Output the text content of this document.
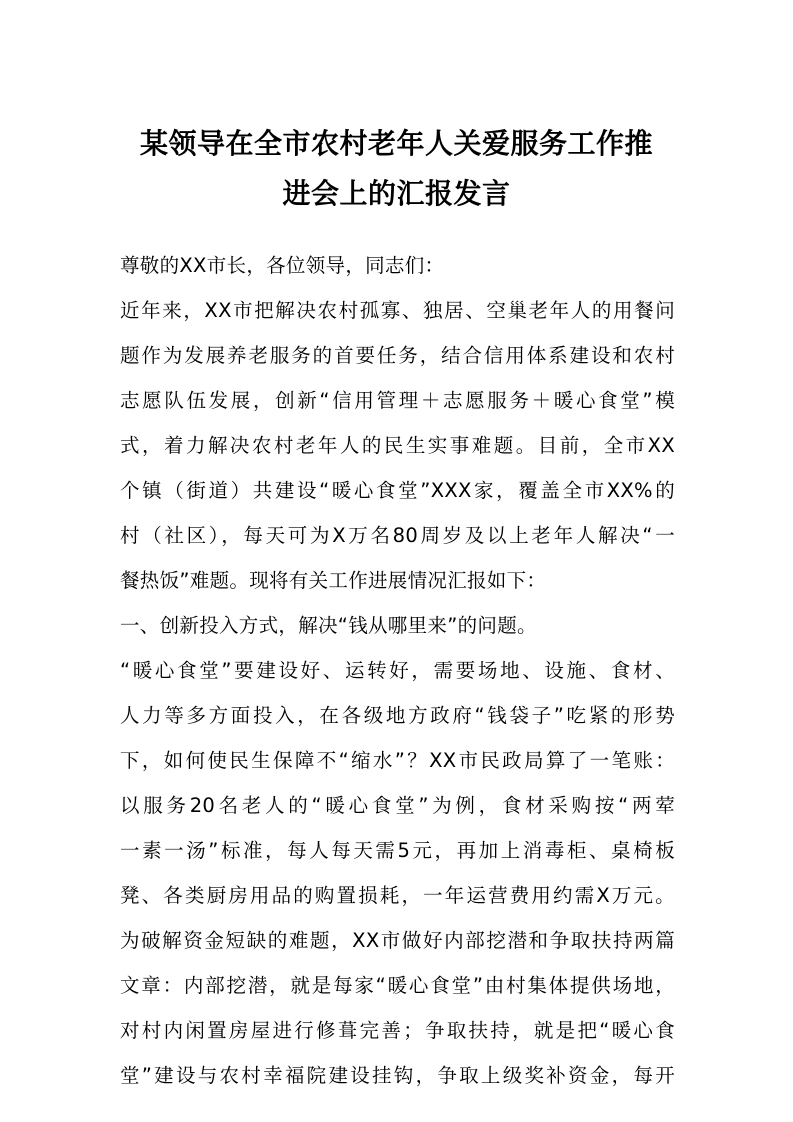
某领导在全市农村老年人关爱服务工作推
进会上的汇报发言
尊敬的XX市长，各位领导，同志们：
近年来，XX市把解决农村孤寡、独居、空巢老年人的用餐问
题作为发展养老服务的首要任务，结合信用体系建设和农村
志愿队伍发展，创新“信用管理＋志愿服务＋暖心食堂”模
式，着力解决农村老年人的民生实事难题。目前，全市XX
个镇（街道）共建设“暖心食堂”XXX家，覆盖全市XX%的
村（社区），每天可为X万名80周岁及以上老年人解决“一
餐热饭”难题。现将有关工作进展情况汇报如下：
一、创新投入方式，解决“钱从哪里来”的问题。
“暖心食堂”要建设好、运转好，需要场地、设施、食材、
人力等多方面投入，在各级地方政府“钱袋子”吃紧的形势
下，如何使民生保障不“缩水”？XX市民政局算了一笔账：
以服务20名老人的“暖心食堂”为例，食材采购按“两荤
一素一汤”标准，每人每天需5元，再加上消毒柜、桌椅板
凳、各类厨房用品的购置损耗，一年运营费用约需X万元。
为破解资金短缺的难题，XX市做好内部挖潜和争取扶持两篇
文章：内部挖潜，就是每家“暖心食堂”由村集体提供场地，
对村内闲置房屋进行修葺完善；争取扶持，就是把“暖心食
堂”建设与农村幸福院建设挂钩，争取上级奖补资金，每开
